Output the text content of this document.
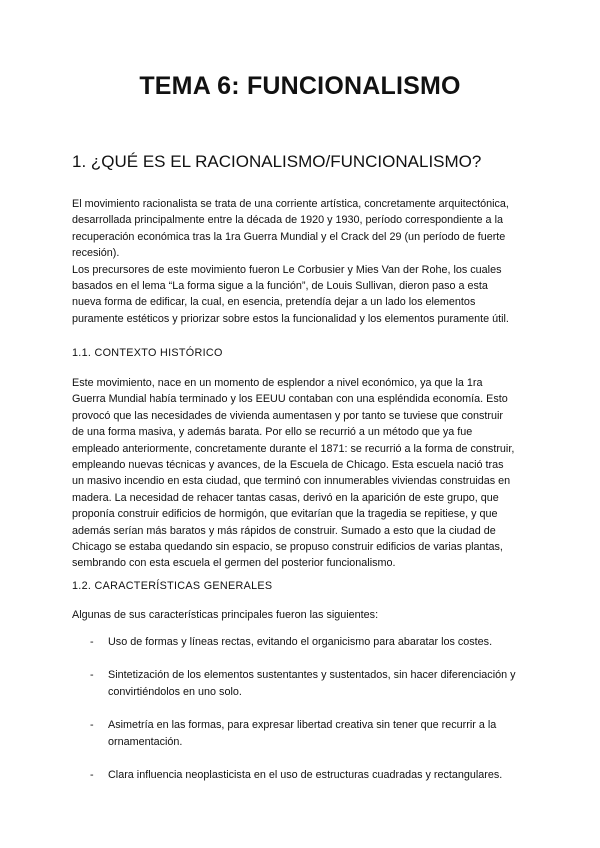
TEMA 6: FUNCIONALISMO
1. ¿QUÉ ES EL RACIONALISMO/FUNCIONALISMO?
El movimiento racionalista se trata de una corriente artística, concretamente arquitectónica,
desarrollada principalmente entre la década de 1920 y 1930, período correspondiente a la
recuperación económica tras la 1ra Guerra Mundial y el Crack del 29 (un período de fuerte
recesión).
Los precursores de este movimiento fueron Le Corbusier y Mies Van der Rohe, los cuales
basados en el lema “La forma sigue a la función”, de Louis Sullivan, dieron paso a esta
nueva forma de edificar, la cual, en esencia, pretendía dejar a un lado los elementos
puramente estéticos y priorizar sobre estos la funcionalidad y los elementos puramente útil.
1.1. CONTEXTO HISTÓRICO
Este movimiento, nace en un momento de esplendor a nivel económico, ya que la 1ra
Guerra Mundial había terminado y los EEUU contaban con una espléndida economía. Esto
provocó que las necesidades de vivienda aumentasen y por tanto se tuviese que construir
de una forma masiva, y además barata. Por ello se recurrió a un método que ya fue
empleado anteriormente, concretamente durante el 1871: se recurrió a la forma de construir,
empleando nuevas técnicas y avances, de la Escuela de Chicago. Esta escuela nació tras
un masivo incendio en esta ciudad, que terminó con innumerables viviendas construidas en
madera. La necesidad de rehacer tantas casas, derivó en la aparición de este grupo, que
proponía construir edificios de hormigón, que evitarían que la tragedia se repitiese, y que
además serían más baratos y más rápidos de construir. Sumado a esto que la ciudad de
Chicago se estaba quedando sin espacio, se propuso construir edificios de varias plantas,
sembrando con esta escuela el germen del posterior funcionalismo.
1.2. CARACTERÍSTICAS GENERALES
Algunas de sus características principales fueron las siguientes:
- Uso de formas y líneas rectas, evitando el organicismo para abaratar los costes.
- Sintetización de los elementos sustentantes y sustentados, sin hacer diferenciación y
convirtiéndolos en uno solo.
- Asimetría en las formas, para expresar libertad creativa sin tener que recurrir a la
ornamentación.
- Clara influencia neoplasticista en el uso de estructuras cuadradas y rectangulares.
